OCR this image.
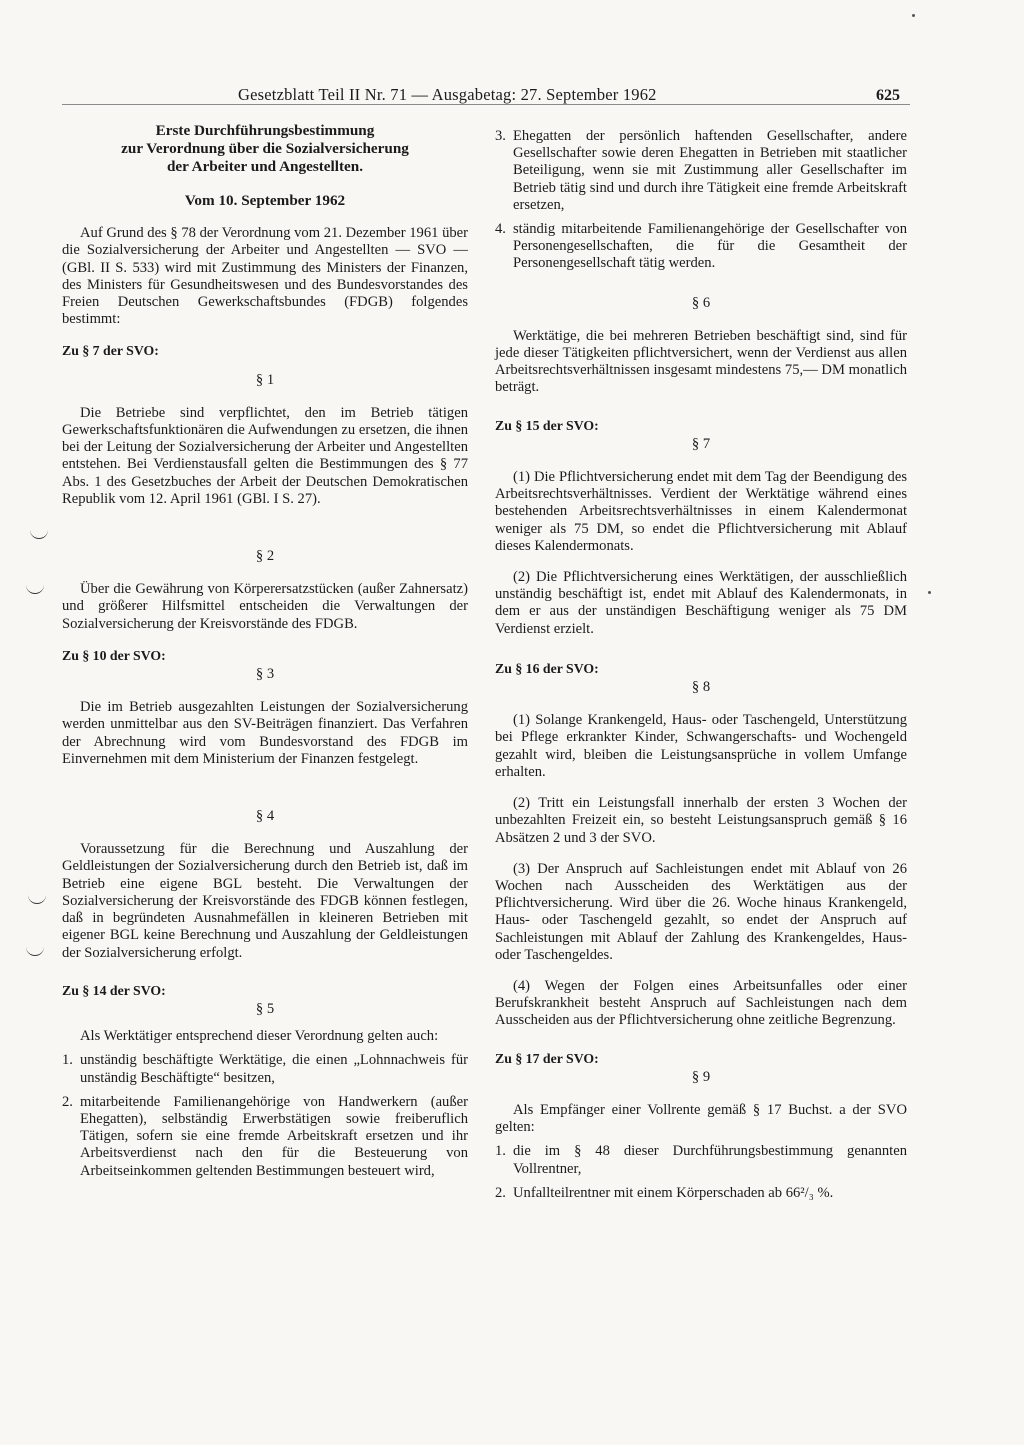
Gesetzblatt Teil II Nr. 71 — Ausgabetag: 27. September 1962	625
Erste Durchführungsbestimmung
zur Verordnung über die Sozialversicherung
der Arbeiter und Angestellten.
Vom 10. September 1962

Auf Grund des § 78 der Verordnung vom 21. Dezember 1961 über die Sozialversicherung der Arbeiter und Angestellten — SVO — (GBl. II S. 533) wird mit Zustimmung des Ministers der Finanzen, des Ministers für Gesundheitswesen und des Bundesvorstandes des Freien Deutschen Gewerkschaftsbundes (FDGB) folgendes bestimmt:

Zu § 7 der SVO:
§ 1

Die Betriebe sind verpflichtet, den im Betrieb tätigen Gewerkschaftsfunktionären die Aufwendungen zu ersetzen, die ihnen bei der Leitung der Sozialversicherung der Arbeiter und Angestellten entstehen. Bei Verdienstausfall gelten die Bestimmungen des § 77 Abs. 1 des Gesetzbuches der Arbeit der Deutschen Demokratischen Republik vom 12. April 1961 (GBl. I S. 27).

§ 2

Über die Gewährung von Körperersatzstücken (außer Zahnersatz) und größerer Hilfsmittel entscheiden die Verwaltungen der Sozialversicherung der Kreisvorstände des FDGB.

Zu § 10 der SVO:
§ 3

Die im Betrieb ausgezahlten Leistungen der Sozialversicherung werden unmittelbar aus den SV-Beiträgen finanziert. Das Verfahren der Abrechnung wird vom Bundesvorstand des FDGB im Einvernehmen mit dem Ministerium der Finanzen festgelegt.

§ 4

Voraussetzung für die Berechnung und Auszahlung der Geldleistungen der Sozialversicherung durch den Betrieb ist, daß im Betrieb eine eigene BGL besteht. Die Verwaltungen der Sozialversicherung der Kreisvorstände des FDGB können festlegen, daß in begründeten Ausnahmefällen in kleineren Betrieben mit eigener BGL keine Berechnung und Auszahlung der Geldleistungen der Sozialversicherung erfolgt.

Zu § 14 der SVO:
§ 5

Als Werktätiger entsprechend dieser Verordnung gelten auch:

1. unständig beschäftigte Werktätige, die einen „Lohnnachweis für unständig Beschäftigte“ besitzen,
2. mitarbeitende Familienangehörige von Handwerkern (außer Ehegatten), selbständig Erwerbstätigen sowie freiberuflich Tätigen, sofern sie eine fremde Arbeitskraft ersetzen und ihr Arbeitsverdienst nach den für die Besteuerung von Arbeitseinkommen geltenden Bestimmungen besteuert wird,
3. Ehegatten der persönlich haftenden Gesellschafter, andere Gesellschafter sowie deren Ehegatten in Betrieben mit staatlicher Beteiligung, wenn sie mit Zustimmung aller Gesellschafter im Betrieb tätig sind und durch ihre Tätigkeit eine fremde Arbeitskraft ersetzen,
4. ständig mitarbeitende Familienangehörige der Gesellschafter von Personengesellschaften, die für die Gesamtheit der Personengesellschaft tätig werden.
§ 6

Werktätige, die bei mehreren Betrieben beschäftigt sind, sind für jede dieser Tätigkeiten pflichtversichert, wenn der Verdienst aus allen Arbeitsrechtsverhältnissen insgesamt mindestens 75,— DM monatlich beträgt.

Zu § 15 der SVO:
§ 7

(1) Die Pflichtversicherung endet mit dem Tag der Beendigung des Arbeitsrechtsverhältnisses. Verdient der Werktätige während eines bestehenden Arbeitsrechtsverhältnisses in einem Kalendermonat weniger als 75 DM, so endet die Pflichtversicherung mit Ablauf dieses Kalendermonats.

(2) Die Pflichtversicherung eines Werktätigen, der ausschließlich unständig beschäftigt ist, endet mit Ablauf des Kalendermonats, in dem er aus der unständigen Beschäftigung weniger als 75 DM Verdienst erzielt.

Zu § 16 der SVO:
§ 8

(1) Solange Krankengeld, Haus- oder Taschengeld, Unterstützung bei Pflege erkrankter Kinder, Schwangerschafts- und Wochengeld gezahlt wird, bleiben die Leistungsansprüche in vollem Umfange erhalten.

(2) Tritt ein Leistungsfall innerhalb der ersten 3 Wochen der unbezahlten Freizeit ein, so besteht Leistungsanspruch gemäß § 16 Absätzen 2 und 3 der SVO.

(3) Der Anspruch auf Sachleistungen endet mit Ablauf von 26 Wochen nach Ausscheiden des Werktätigen aus der Pflichtversicherung. Wird über die 26. Woche hinaus Krankengeld, Haus- oder Taschengeld gezahlt, so endet der Anspruch auf Sachleistungen mit Ablauf der Zahlung des Krankengeldes, Haus- oder Taschengeldes.

(4) Wegen der Folgen eines Arbeitsunfalles oder einer Berufskrankheit besteht Anspruch auf Sachleistungen nach dem Ausscheiden aus der Pflichtversicherung ohne zeitliche Begrenzung.

Zu § 17 der SVO:
§ 9

Als Empfänger einer Vollrente gemäß § 17 Buchst. a der SVO gelten:

1. die im § 48 dieser Durchführungsbestimmung genannten Vollrentner,
2. Unfallteilrentner mit einem Körperschaden ab 66²/₃ %.
